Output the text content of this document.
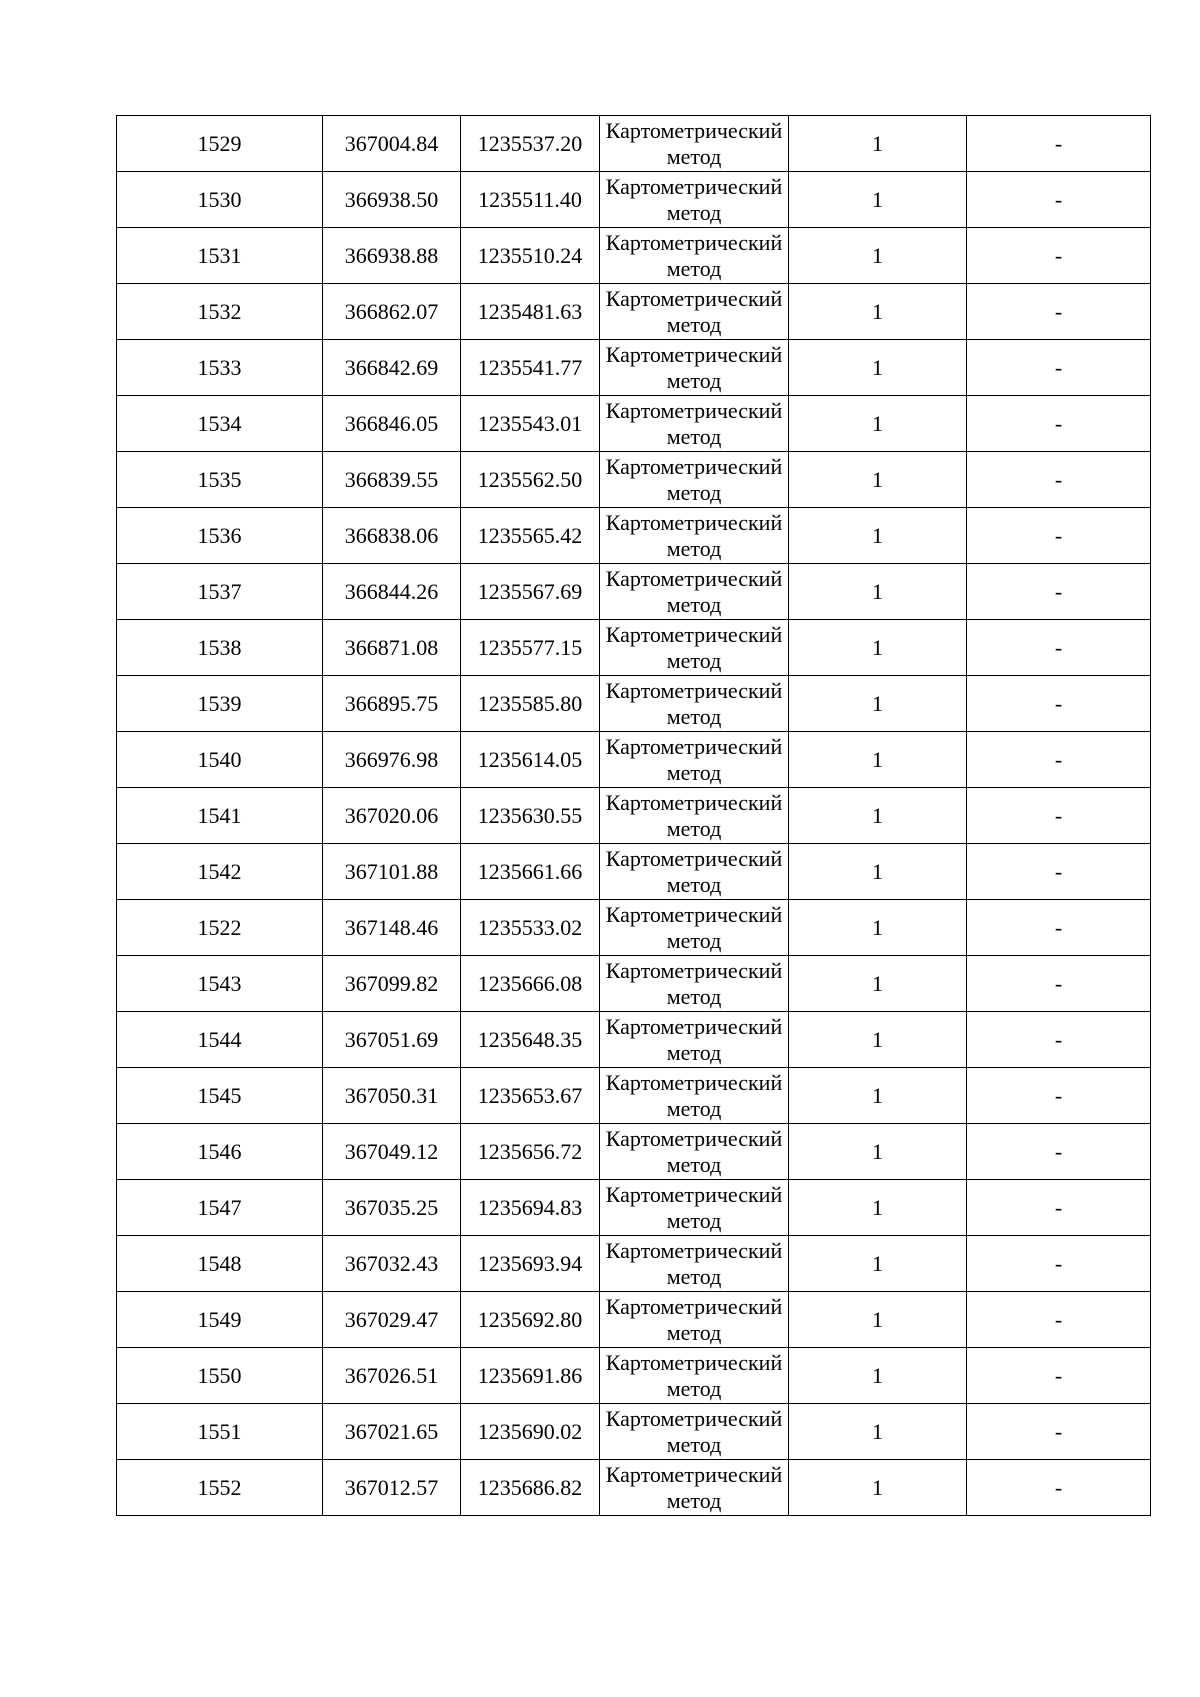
1529	367004.84	1235537.20	Картометрический метод	1	-
1530	366938.50	1235511.40	Картометрический метод	1	-
1531	366938.88	1235510.24	Картометрический метод	1	-
1532	366862.07	1235481.63	Картометрический метод	1	-
1533	366842.69	1235541.77	Картометрический метод	1	-
1534	366846.05	1235543.01	Картометрический метод	1	-
1535	366839.55	1235562.50	Картометрический метод	1	-
1536	366838.06	1235565.42	Картометрический метод	1	-
1537	366844.26	1235567.69	Картометрический метод	1	-
1538	366871.08	1235577.15	Картометрический метод	1	-
1539	366895.75	1235585.80	Картометрический метод	1	-
1540	366976.98	1235614.05	Картометрический метод	1	-
1541	367020.06	1235630.55	Картометрический метод	1	-
1542	367101.88	1235661.66	Картометрический метод	1	-
1522	367148.46	1235533.02	Картометрический метод	1	-
1543	367099.82	1235666.08	Картометрический метод	1	-
1544	367051.69	1235648.35	Картометрический метод	1	-
1545	367050.31	1235653.67	Картометрический метод	1	-
1546	367049.12	1235656.72	Картометрический метод	1	-
1547	367035.25	1235694.83	Картометрический метод	1	-
1548	367032.43	1235693.94	Картометрический метод	1	-
1549	367029.47	1235692.80	Картометрический метод	1	-
1550	367026.51	1235691.86	Картометрический метод	1	-
1551	367021.65	1235690.02	Картометрический метод	1	-
1552	367012.57	1235686.82	Картометрический метод	1	-
